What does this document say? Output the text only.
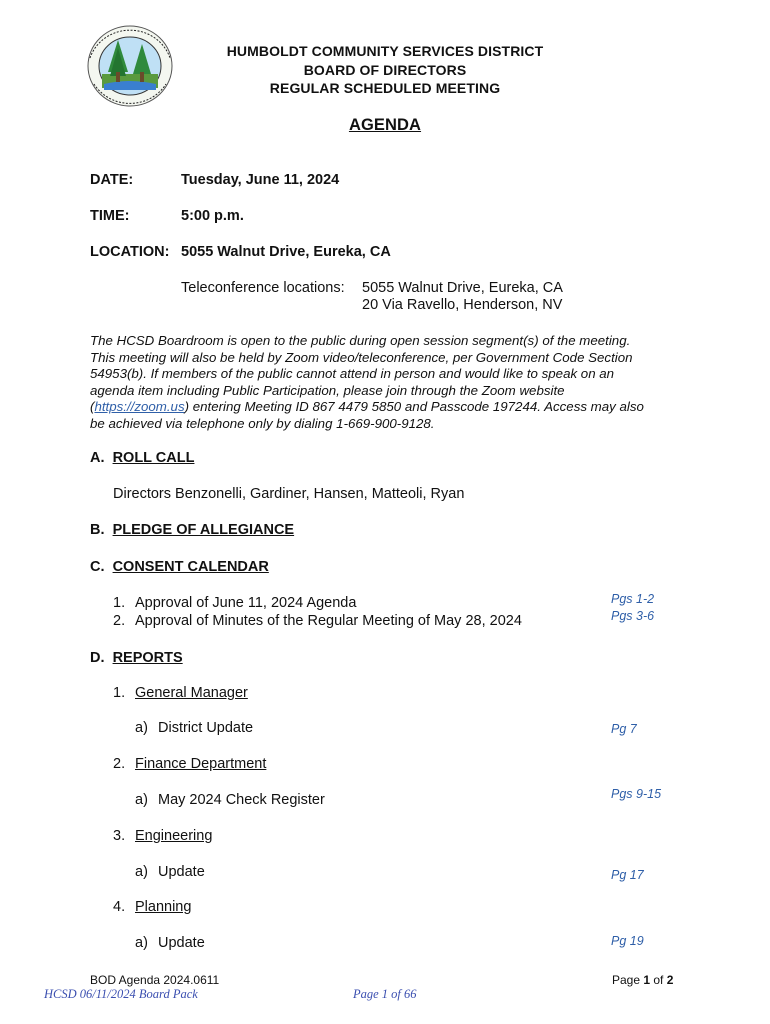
HUMBOLDT COMMUNITY SERVICES DISTRICT
BOARD OF DIRECTORS
REGULAR SCHEDULED MEETING
AGENDA
DATE:	Tuesday, June 11, 2024
TIME:	5:00 p.m.
LOCATION: 5055 Walnut Drive, Eureka, CA
Teleconference locations: 5055 Walnut Drive, Eureka, CA
20 Via Ravello, Henderson, NV
The HCSD Boardroom is open to the public during open session segment(s) of the meeting.
This meeting will also be held by Zoom video/teleconference, per Government Code Section
54953(b). If members of the public cannot attend in person and would like to speak on an
agenda item including Public Participation, please join through the Zoom website
(https://zoom.us) entering Meeting ID 867 4479 5850 and Passcode 197244. Access may also
be achieved via telephone only by dialing 1-669-900-9128.
A. ROLL CALL
Directors Benzonelli, Gardiner, Hansen, Matteoli, Ryan
B. PLEDGE OF ALLEGIANCE
C. CONSENT CALENDAR
1. Approval of June 11, 2024 Agenda	Pgs 1-2
2. Approval of Minutes of the Regular Meeting of May 28, 2024	Pgs 3-6
D. REPORTS
1. General Manager
a) District Update	Pg 7
2. Finance Department
a) May 2024 Check Register	Pgs 9-15
3. Engineering
a) Update	Pg 17
4. Planning
a) Update	Pg 19
BOD Agenda 2024.0611	Page 1 of 2
HCSD 06/11/2024 Board Pack	Page 1 of 66
